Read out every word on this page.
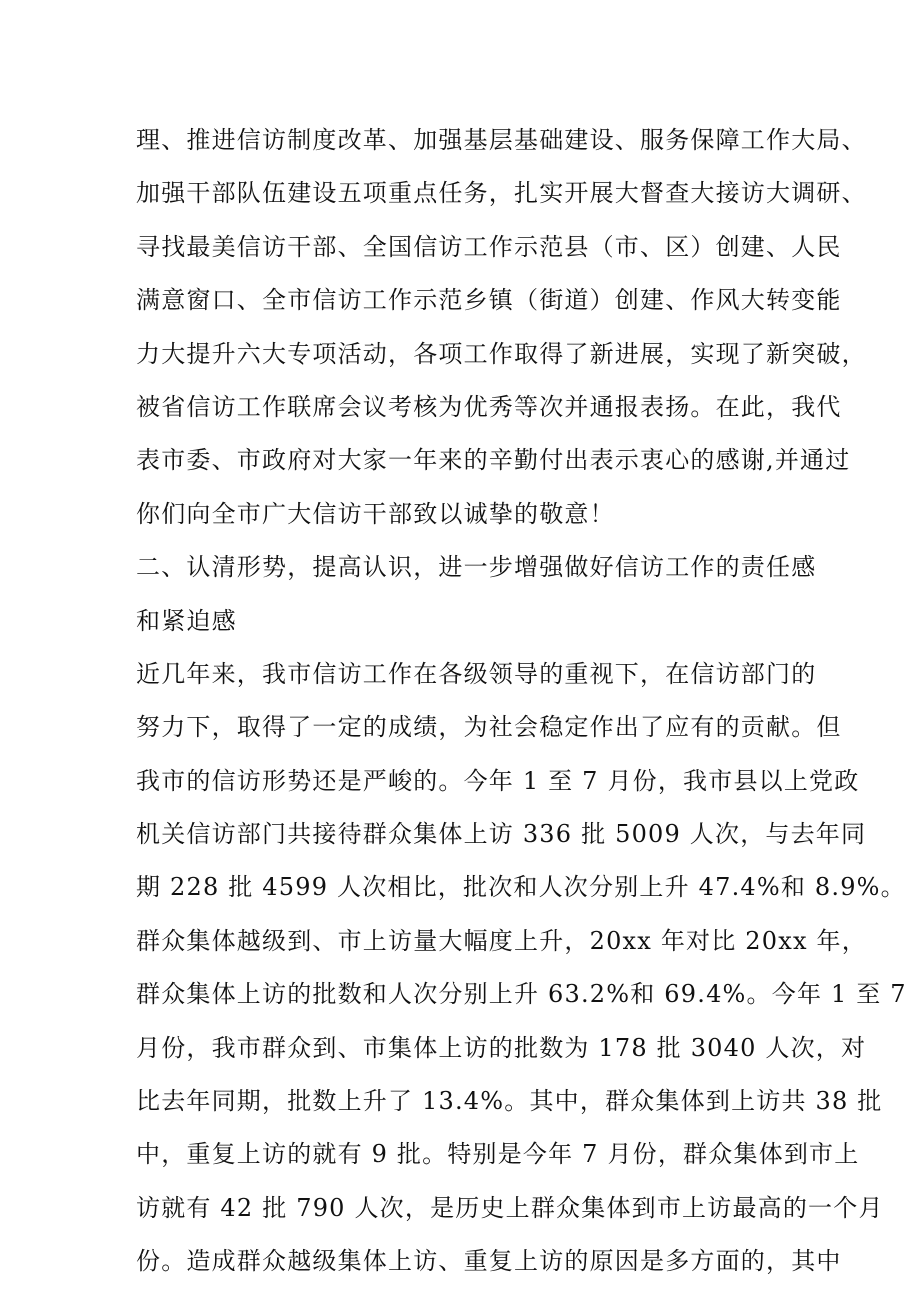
理、推进信访制度改革、加强基层基础建设、服务保障工作大局、
加强干部队伍建设五项重点任务，扎实开展大督查大接访大调研、
寻找最美信访干部、全国信访工作示范县（市、区）创建、人民
满意窗口、全市信访工作示范乡镇（街道）创建、作风大转变能
力大提升六大专项活动，各项工作取得了新进展，实现了新突破，
被省信访工作联席会议考核为优秀等次并通报表扬。在此，我代
表市委、市政府对大家一年来的辛勤付出表示衷心的感谢,并通过
你们向全市广大信访干部致以诚挚的敬意！
二、认清形势，提高认识，进一步增强做好信访工作的责任感
和紧迫感
近几年来，我市信访工作在各级领导的重视下，在信访部门的
努力下，取得了一定的成绩，为社会稳定作出了应有的贡献。但
我市的信访形势还是严峻的。今年 1 至 7 月份，我市县以上党政
机关信访部门共接待群众集体上访 336 批 5009 人次，与去年同
期 228 批 4599 人次相比，批次和人次分别上升 47.4%和 8.9%。
群众集体越级到、市上访量大幅度上升，20xx 年对比 20xx 年，
群众集体上访的批数和人次分别上升 63.2%和 69.4%。今年 1 至 7
月份，我市群众到、市集体上访的批数为 178 批 3040 人次，对
比去年同期，批数上升了 13.4%。其中，群众集体到上访共 38 批
中，重复上访的就有 9 批。特别是今年 7 月份，群众集体到市上
访就有 42 批 790 人次，是历史上群众集体到市上访最高的一个月
份。造成群众越级集体上访、重复上访的原因是多方面的，其中
